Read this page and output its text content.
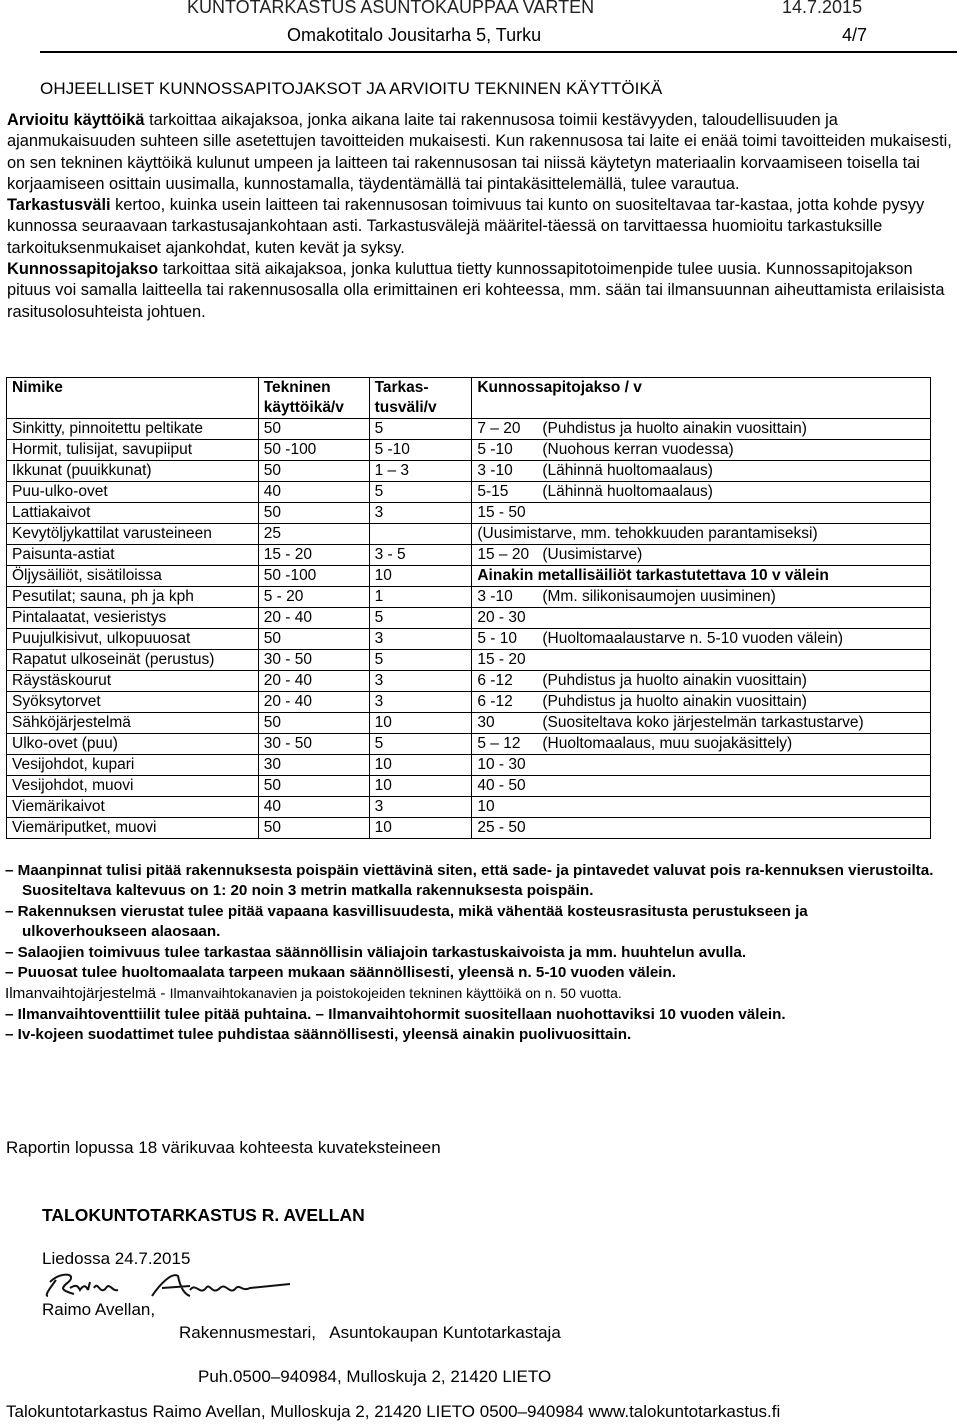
KUNTOTARKASTUS ASUNTOKAUPPAA VARTEN	14.7.2015
Omakotitalo Jousitarha 5, Turku	4/7
OHJEELLISET KUNNOSSAPITOJAKSOT JA ARVIOITU TEKNINEN KÄYTTÖIKÄ

Arvioitu käyttöikä tarkoittaa aikajaksoa, jonka aikana laite tai rakennusosa toimii kestävyyden, taloudellisuuden ja ajanmukaisuuden suhteen sille asetettujen tavoitteiden mukaisesti. Kun rakennusosa tai laite ei enää toimi tavoitteiden mukaisesti, on sen tekninen käyttöikä kulunut umpeen ja laitteen tai rakennusosan tai niissä käytetyn materiaalin korvaamiseen toisella tai korjaamiseen osittain uusimalla, kunnostamalla, täydentämällä tai pintakäsittelemällä, tulee varautua.

Tarkastusväli kertoo, kuinka usein laitteen tai rakennusosan toimivuus tai kunto on suositeltavaa tar-kastaa, jotta kohde pysyy kunnossa seuraavaan tarkastusajankohtaan asti. Tarkastusvälejä määritel-täessä on tarvittaessa huomioitu tarkastuksille tarkoituksenmukaiset ajankohdat, kuten kevät ja syksy.

Kunnossapitojakso tarkoittaa sitä aikajaksoa, jonka kuluttua tietty kunnossapitotoimenpide tulee uusia. Kunnossapitojakson pituus voi samalla laitteella tai rakennusosalla olla erimittainen eri kohteessa, mm. sään tai ilmansuunnan aiheuttamista erilaisista rasitusolosuhteista johtuen.

Nimike	Tekninen käyttöikä/v	Tarkas-tusväli/v	Kunnossapitojakso / v
Sinkitty, pinnoitettu peltikate	50	5	7 – 20 (Puhdistus ja huolto ainakin vuosittain)
Hormit, tulisijat, savupiiput	50 -100	5 -10	5 -10 (Nuohous kerran vuodessa)
Ikkunat (puuikkunat)	50	1 – 3	3 -10 (Lähinnä huoltomaalaus)
Puu-ulko-ovet	40	5	5-15 (Lähinnä huoltomaalaus)
Lattiakaivot	50	3	15 - 50
Kevytöljykattilat varusteineen	25		(Uusimistarve, mm. tehokkuuden parantamiseksi)
Paisunta-astiat	15 - 20	3 - 5	15 – 20 (Uusimistarve)
Öljysäiliöt, sisätiloissa	50 -100	10	Ainakin metallisäiliöt tarkastutettava 10 v välein
Pesutilat; sauna, ph ja kph	5 - 20	1	3 -10 (Mm. silikonisaumojen uusiminen)
Pintalaatat, vesieristys	20 - 40	5	20 - 30
Puujulkisivut, ulkopuuosat	50	3	5 - 10 (Huoltomaalaustarve n. 5-10 vuoden välein)
Rapatut ulkoseinät (perustus)	30 - 50	5	15 - 20
Räystäskourut	20 - 40	3	6 -12 (Puhdistus ja huolto ainakin vuosittain)
Syöksytorvet	20 - 40	3	6 -12 (Puhdistus ja huolto ainakin vuosittain)
Sähköjärjestelmä	50	10	30 (Suositeltava koko järjestelmän tarkastustarve)
Ulko-ovet (puu)	30 - 50	5	5 – 12 (Huoltomaalaus, muu suojakäsittely)
Vesijohdot, kupari	30	10	10 - 30
Vesijohdot, muovi	50	10	40 - 50
Viemärikaivot	40	3	10
Viemäriputket, muovi	50	10	25 - 50

– Maanpinnat tulisi pitää rakennuksesta poispäin viettävinä siten, että sade- ja pintavedet valuvat pois ra-kennuksen vierustoilta. Suositeltava kaltevuus on 1: 20 noin 3 metrin matkalla rakennuksesta poispäin.

– Rakennuksen vierustat tulee pitää vapaana kasvillisuudesta, mikä vähentää kosteusrasitusta perustukseen ja ulkoverhoukseen alaosaan.

– Salaojien toimivuus tulee tarkastaa säännöllisin väliajoin tarkastuskaivoista ja mm. huuhtelun avulla.

– Puuosat tulee huoltomaalata tarpeen mukaan säännöllisesti, yleensä n. 5-10 vuoden välein.

Ilmanvaihtojärjestelmä - Ilmanvaihtokanavien ja poistokojeiden tekninen käyttöikä on n. 50 vuotta.

– Ilmanvaihtoventtiilit tulee pitää puhtaina. – Ilmanvaihtohormit suositellaan nuohottaviksi 10 vuoden välein.

– Iv-kojeen suodattimet tulee puhdistaa säännöllisesti, yleensä ainakin puolivuosittain.

Raportin lopussa 18 värikuvaa kohteesta kuvateksteineen
TALOKUNTOTARKASTUS R. AVELLAN
Liedossa 24.7.2015
Raimo Avellan,
Rakennusmestari,   Asuntokaupan Kuntotarkastaja
Puh.0500–940984, Mulloskuja 2, 21420 LIETO
Talokuntotarkastus Raimo Avellan, Mulloskuja 2, 21420 LIETO 0500–940984 www.talokuntotarkastus.fi
